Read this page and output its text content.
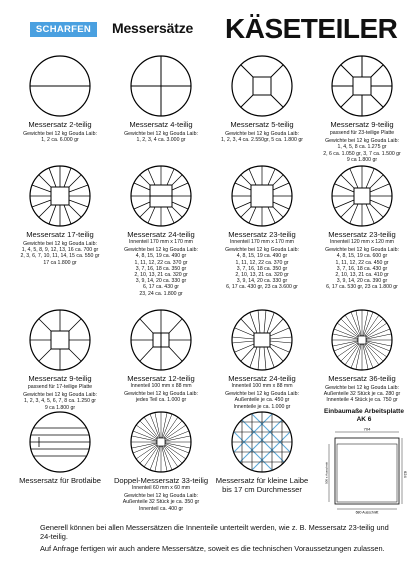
SCHARFEN	Messersätze KÄSETEILER
Messersatz 2-teilig
Gewichte bei 12 kg Gouda Laib:
1, 2 ca. 6.000 gr
Messersatz 4-teilig
Gewichte bei 12 kg Gouda Laib:
1, 2, 3, 4 ca. 3.000 gr
Messersatz 5-teilig
Gewichte bei 12 kg Gouda Laib:
1, 2, 3, 4 ca. 2.550gr, 5 ca. 1.800 gr
Messersatz 9-teilig
passend für 23-teilige Platte
Gewichte bei 12 kg Gouda Laib:
1, 4, 5, 8 ca. 1.275 gr
2, 6 ca. 1.050 gr, 3, 7 ca. 1.500 gr
9 ca 1.800 gr
Messersatz 17-teilig
Gewichte bei 12 kg Gouda Laib:
1, 4, 5, 8, 9, 12, 13, 16 ca. 700 gr
2, 3, 6, 7, 10, 11, 14, 15 ca. 550 gr
17 ca 1.800 gr
Messersatz 24-teilig
Innenteil 170 mm x 170 mm
Gewichte bei 12 kg Gouda Laib:
4, 8, 15, 19 ca. 490 gr
1, 11, 12, 22 ca. 370 gr
3, 7, 16, 18 ca. 350 gr
2, 10, 13, 21 ca. 320 gr
3, 9, 14, 20 ca. 330 gr
6, 17 ca. 430 gr
23, 24 ca. 1.800 gr
Messersatz 23-teilig
Innenteil 170 mm x 170 mm
Gewichte bei 12 kg Gouda Laib:
4, 8, 15, 19 ca. 490 gr
1, 11, 12, 22 ca. 370 gr
3, 7, 16, 18 ca. 350 gr
2, 10, 13, 21 ca. 320 gr
3, 9, 14, 20 ca. 330 gr
6, 17 ca. 430 gr, 23 ca 3.600 gr
Messersatz 23-teilig
Innenteil 120 mm x 120 mm
Gewichte bei 12 kg Gouda Laib:
4, 8, 15, 19 ca. 600 gr
1, 11, 12, 22 ca. 450 gr
3, 7, 16, 18 ca. 430 gr
2, 10, 13, 21 ca. 410 gr
3, 9, 14, 20 ca. 390 gr
6, 17 ca. 530 gr, 23 ca 1.800 gr
Messersatz 9-teilig
passend für 17-teilige Platte
Gewichte bei 12 kg Gouda Laib:
1, 2, 3, 4, 5, 6, 7, 8 ca. 1.250 gr
9 ca 1.800 gr
Messersatz 12-teilig
Innenteil 100 mm x 88 mm
Gewichte bei 12 kg Gouda Laib:
jedes Teil ca. 1.000 gr
Messersatz 24-teilig
Innenteil 100 mm x 88 mm
Gewichte bei 12 kg Gouda Laib:
Außenteile je ca. 450 gr
Innenteile je ca. 1.000 gr
Messersatz 36-teilig
Gewichte bei 12 kg Gouda Laib:
Außenteile 32 Stück je ca. 280 gr
Innenteile 4 Stück je ca. 750 gr
Messersatz für Brotlaibe	Doppel-Messersatz 33-teilig
Innenteil 60 mm x 60 mm
Gewichte bei 12 kg Gouda Laib:
Außenteile 32 Stück je ca. 350 gr
Innenteil ca. 400 gr
Messersatz für kleine Laibe bis 17 cm Durchmesser
Einbaumaße Arbeitsplatte AK 6
704
624
500 x Ausschnitt
680 Ausschnitt

Generell können bei allen Messersätzen die Innenteile unterteilt werden, wie z. B. Messersatz 23-teilig und 24-teilig.

Auf Anfrage fertigen wir auch andere Messersätze, soweit es die technischen Voraussetzungen zulassen.
